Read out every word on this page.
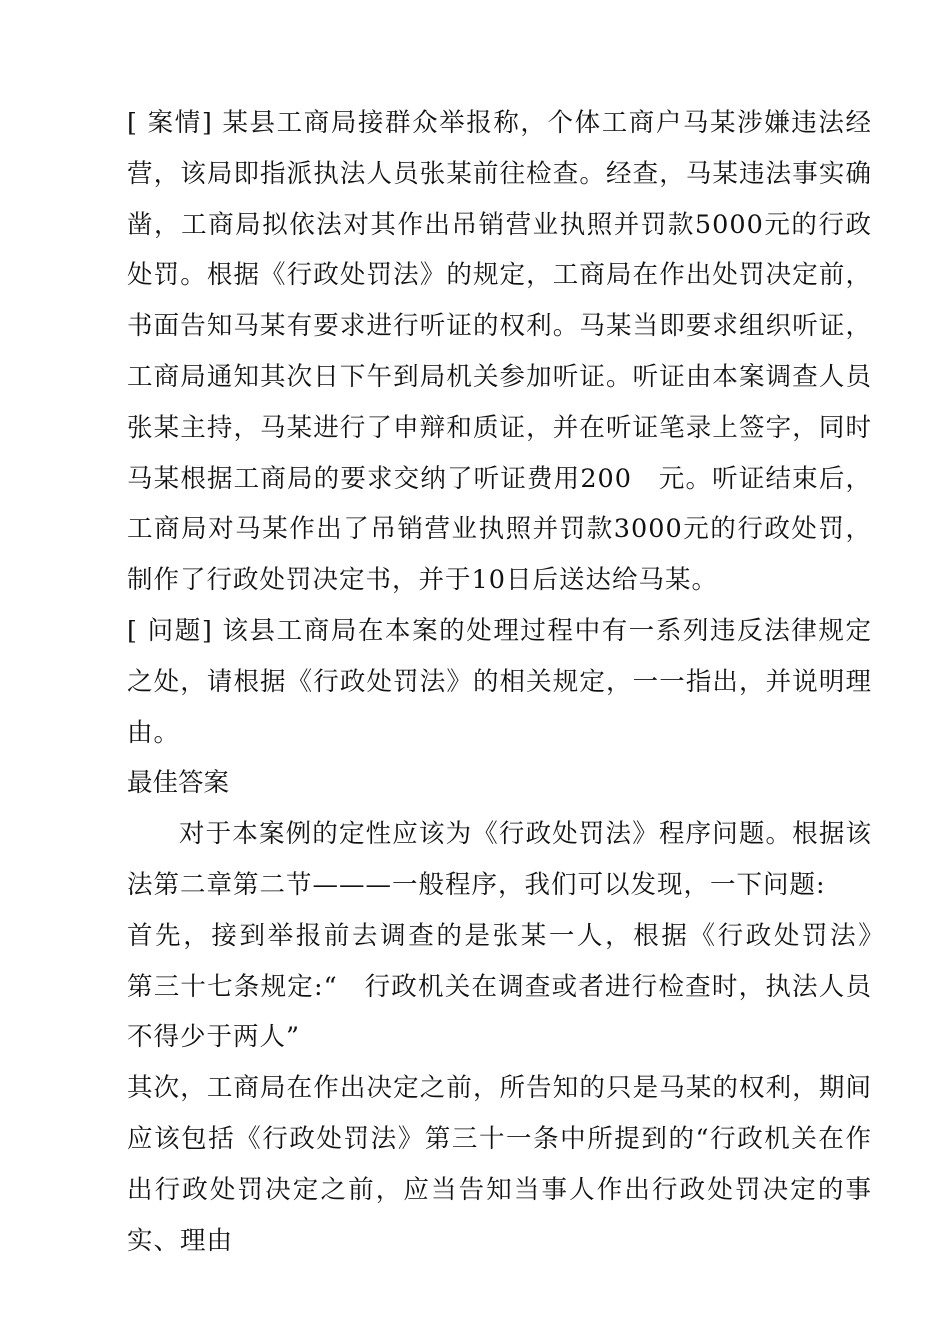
[ 案情] 某县工商局接群众举报称，个体工商户马某涉嫌违法经营，该局即指派执法人员张某前往检查。经查，马某违法事实确凿，工商局拟依法对其作出吊销营业执照并罚款5000元的行政处罚。根据《行政处罚法》的规定，工商局在作出处罚决定前，书面告知马某有要求进行听证的权利。马某当即要求组织听证，工商局通知其次日下午到局机关参加听证。听证由本案调查人员张某主持，马某进行了申辩和质证，并在听证笔录上签字，同时马某根据工商局的要求交纳了听证费用200　元。听证结束后，工商局对马某作出了吊销营业执照并罚款3000元的行政处罚，制作了行政处罚决定书，并于10日后送达给马某。

[ 问题] 该县工商局在本案的处理过程中有一系列违反法律规定之处，请根据《行政处罚法》的相关规定，一一指出，并说明理由。

最佳答案

对于本案例的定性应该为《行政处罚法》程序问题。根据该法第二章第二节———一般程序，我们可以发现，一下问题:

首先，接到举报前去调查的是张某一人，根据《行政处罚法》　第三十七条规定:“　行政机关在调查或者进行检查时，执法人员不得少于两人”

其次，工商局在作出决定之前，所告知的只是马某的权利，期间应该包括《行政处罚法》第三十一条中所提到的“行政机关在作出行政处罚决定之前，应当告知当事人作出行政处罚决定的事实、理由
